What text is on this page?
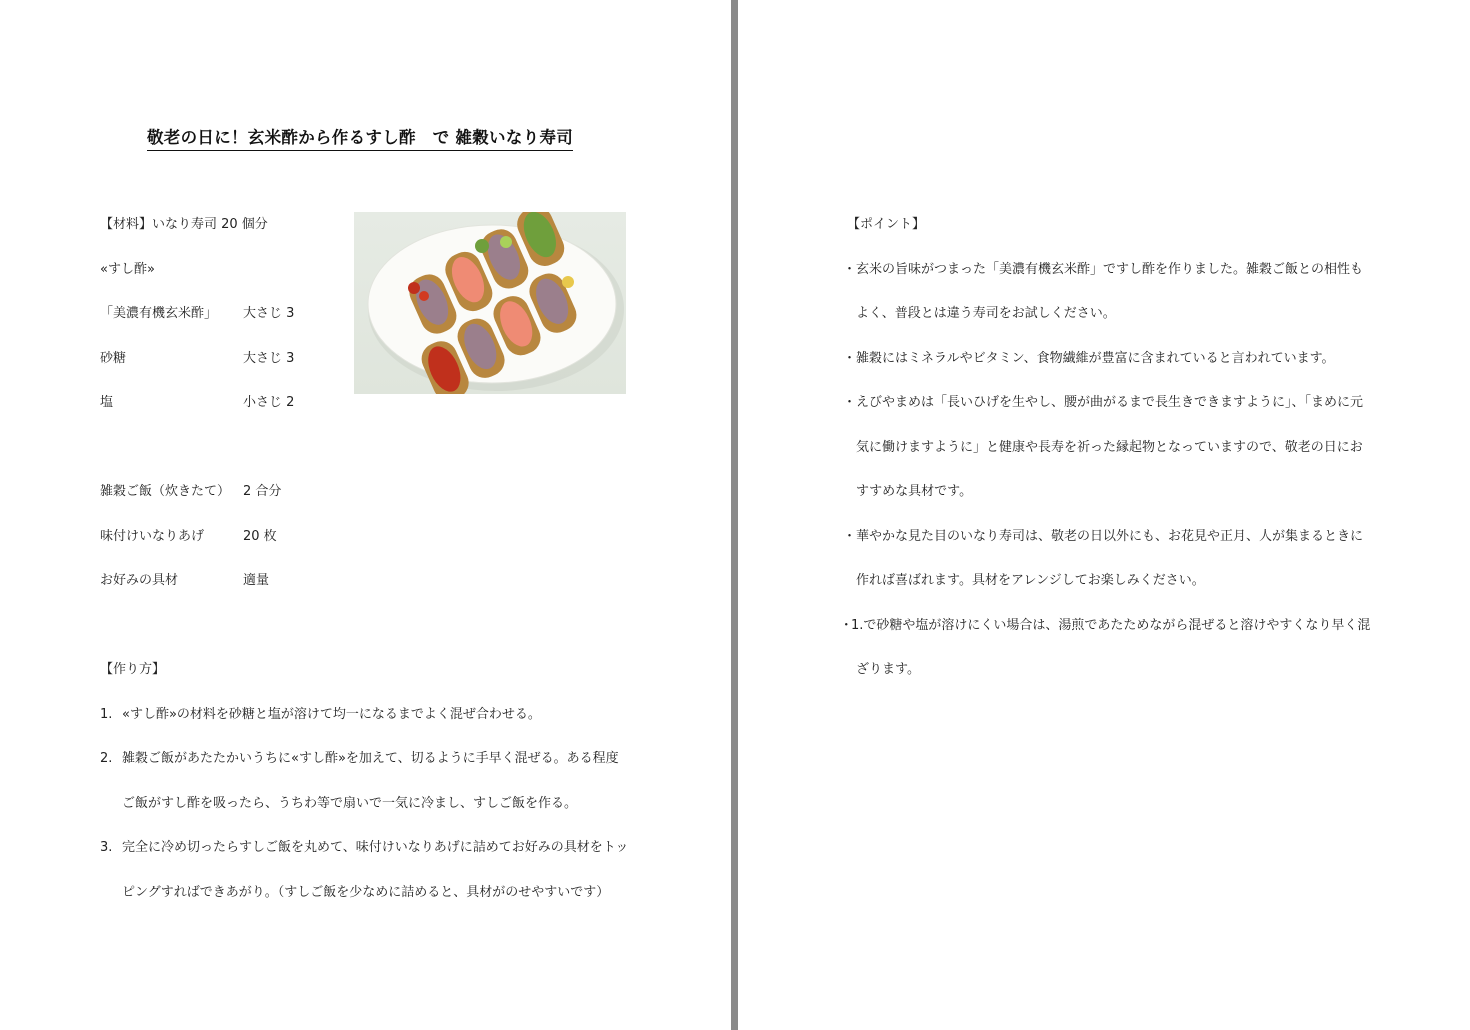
敬老の日に！玄米酢から作るすし酢　で 雑穀いなり寿司
【材料】いなり寿司 20 個分
«すし酢»
「美濃有機玄米酢」 大さじ 3
砂糖	大さじ 3
塩	小さじ 2
雑穀ご飯（炊きたて） 2 合分
味付けいなりあげ	20 枚
お好みの具材	適量
【作り方】
1. «すし酢»の材料を砂糖と塩が溶けて均一になるまでよく混ぜ合わせる。
2. 雑穀ご飯があたたかいうちに«すし酢»を加えて、切るように手早く混ぜる。ある程度
ご飯がすし酢を吸ったら、うちわ等で扇いで一気に冷まし、すしご飯を作る。
3. 完全に冷め切ったらすしご飯を丸めて、味付けいなりあげに詰めてお好みの具材をトッ
ピングすればできあがり。（すしご飯を少なめに詰めると、具材がのせやすいです）
【ポイント】
・ 玄米の旨味がつまった「美濃有機玄米酢」ですし酢を作りました。雑穀ご飯との相性も
よく、普段とは違う寿司をお試しください。
・ 雑穀にはミネラルやビタミン、食物繊維が豊富に含まれていると言われています。
・ えびやまめは「長いひげを生やし、腰が曲がるまで長生きできますように」、「まめに元
気に働けますように」と健康や長寿を祈った縁起物となっていますので、敬老の日にお
すすめな具材です。
・ 華やかな見た目のいなり寿司は、敬老の日以外にも、お花見や正月、人が集まるときに
作れば喜ばれます。具材をアレンジしてお楽しみください。
･ 1.で砂糖や塩が溶けにくい場合は、湯煎であたためながら混ぜると溶けやすくなり早く混
ざります。
